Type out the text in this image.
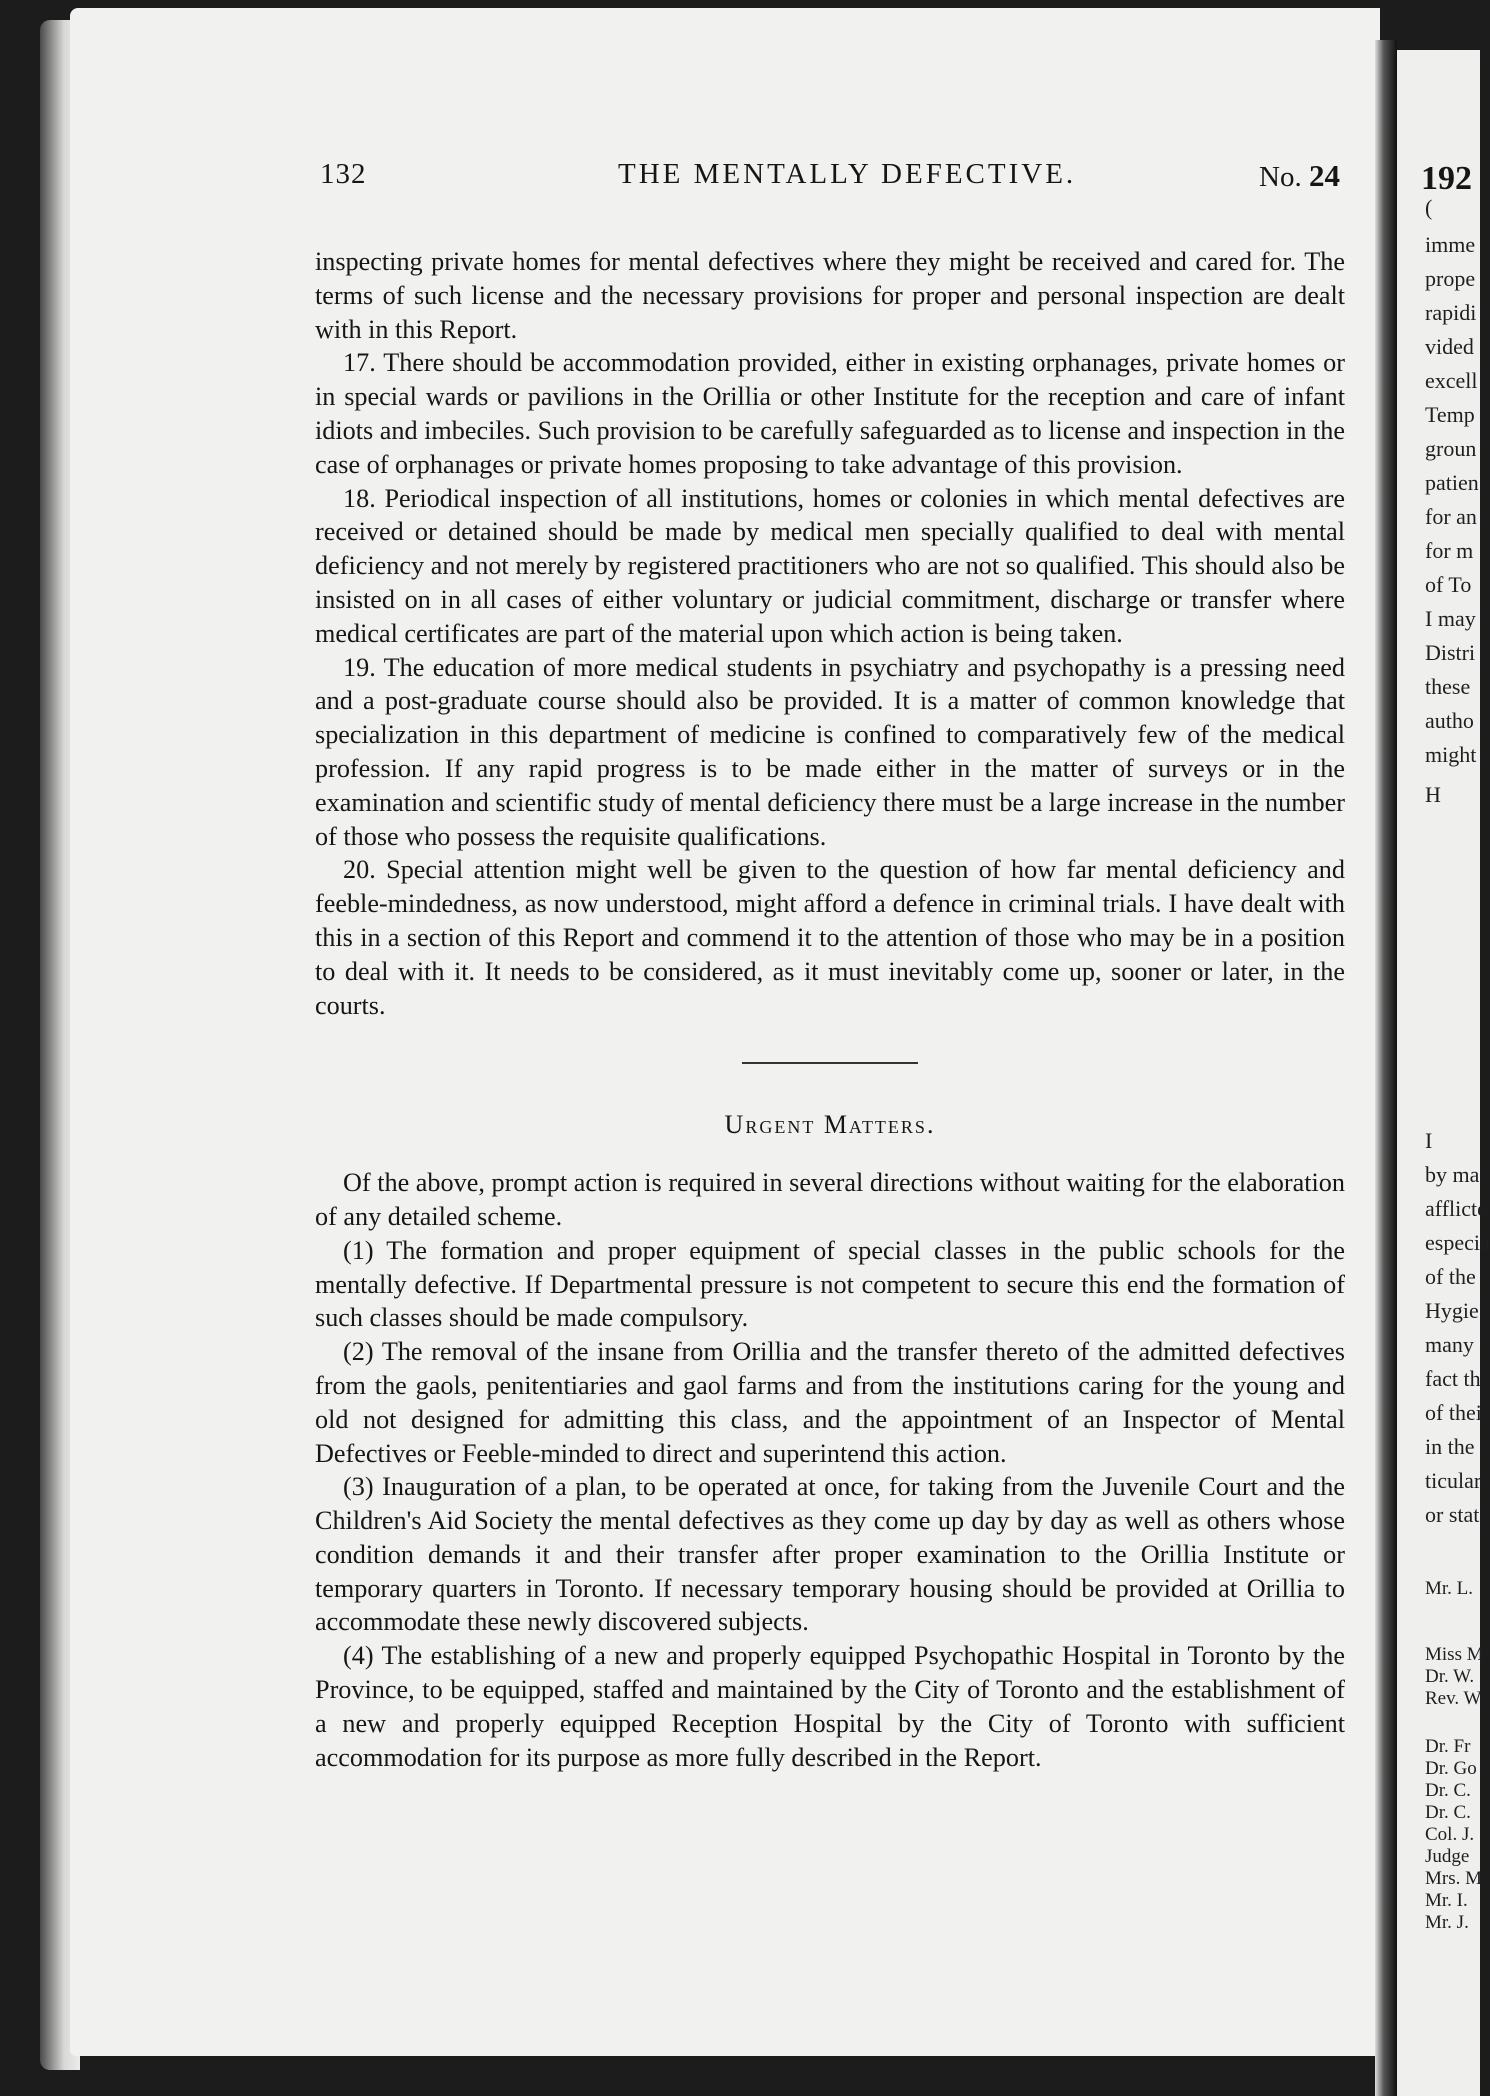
132	THE MENTALLY DEFECTIVE.	No. 24

inspecting private homes for mental defectives where they might be received and cared for. The terms of such license and the necessary provisions for proper and personal inspection are dealt with in this Report.

17. There should be accommodation provided, either in existing orphanages, private homes or in special wards or pavilions in the Orillia or other Institute for the reception and care of infant idiots and imbeciles. Such provision to be carefully safeguarded as to license and inspection in the case of orphanages or private homes proposing to take advantage of this provision.

18. Periodical inspection of all institutions, homes or colonies in which mental defectives are received or detained should be made by medical men specially qualified to deal with mental deficiency and not merely by registered practitioners who are not so qualified. This should also be insisted on in all cases of either voluntary or judicial commitment, discharge or transfer where medical certificates are part of the material upon which action is being taken.

19. The education of more medical students in psychiatry and psychopathy is a pressing need and a post-graduate course should also be provided. It is a matter of common knowledge that specialization in this department of medicine is confined to comparatively few of the medical profession. If any rapid progress is to be made either in the matter of surveys or in the examination and scientific study of mental deficiency there must be a large increase in the number of those who possess the requisite qualifications.

20. Special attention might well be given to the question of how far mental deficiency and feeble-mindedness, as now understood, might afford a defence in criminal trials. I have dealt with this in a section of this Report and commend it to the attention of those who may be in a position to deal with it. It needs to be considered, as it must inevitably come up, sooner or later, in the courts.

Urgent Matters.

Of the above, prompt action is required in several directions without waiting for the elaboration of any detailed scheme.

(1) The formation and proper equipment of special classes in the public schools for the mentally defective. If Departmental pressure is not competent to secure this end the formation of such classes should be made compulsory.

(2) The removal of the insane from Orillia and the transfer thereto of the admitted defectives from the gaols, penitentiaries and gaol farms and from the institutions caring for the young and old not designed for admitting this class, and the appointment of an Inspector of Mental Defectives or Feeble-minded to direct and superintend this action.

(3) Inauguration of a plan, to be operated at once, for taking from the Juvenile Court and the Children's Aid Society the mental defectives as they come up day by day as well as others whose condition demands it and their transfer after proper examination to the Orillia Institute or temporary quarters in Toronto. If necessary temporary housing should be provided at Orillia to accommodate these newly discovered subjects.

(4) The establishing of a new and properly equipped Psychopathic Hospital in Toronto by the Province, to be equipped, staffed and maintained by the City of Toronto and the establishment of a new and properly equipped Reception Hospital by the City of Toronto with sufficient accommodation for its purpose as more fully described in the Report.

192
(
imme
prope
rapidi
vided
excell
Temp
groun
patien
for an
for m
of To
I may
Distri
these
autho
might
H
I
by ma
afflicte
especia
of the
Hygie
many
fact th
of thei
in the
ticular
or stat
Mr. L.
Miss M
Dr. W.
Rev. W
Dr. Fr
Dr. Go
Dr. C.
Dr. C.
Col. J.
Judge
Mrs. M
Mr. I.
Mr. J.
